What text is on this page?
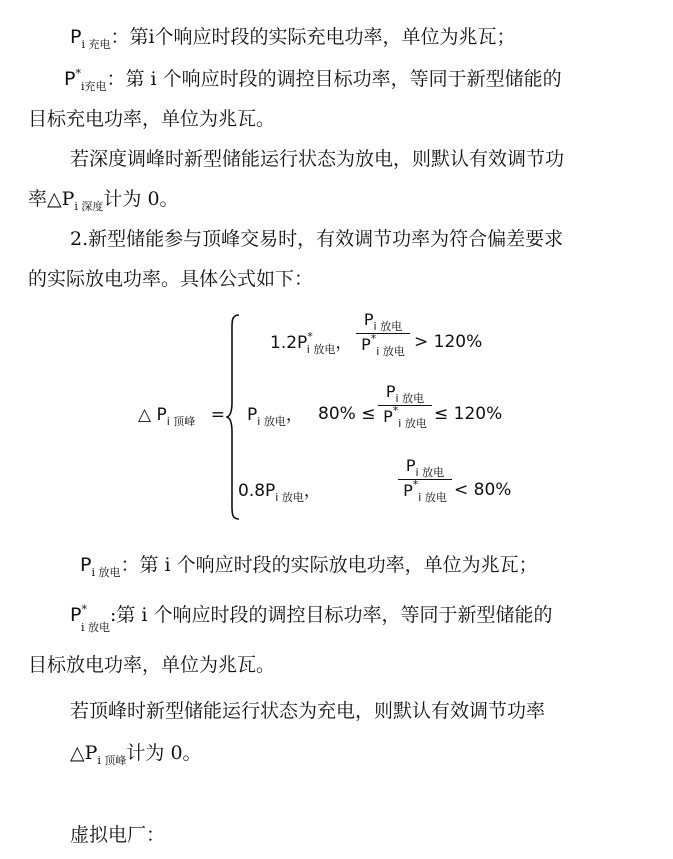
$P_{i 充电}$：第i个响应时段的实际充电功率，单位为兆瓦；
$P^*_{i充电}$：第 i 个响应时段的调控目标功率，等同于新型储能的
目标充电功率，单位为兆瓦。
若深度调峰时新型储能运行状态为放电，则默认有效调节功
率$\triangle P_{i 深度}$计为 0。
2.新型储能参与顶峰交易时，有效调节功率为符合偏差要求
的实际放电功率。具体公式如下：
△ $P_{i 顶峰}$ =
$1.2P^*_{i 放电}$，
$P_{i 放电}$
$P^*_{i 放电} > 120\%$
$P_{i 放电}$， 80% ≤
$P_{i 放电}$
$P^*_{i 放电} \le 120\%$
$0.8P_{i 放电}$，
$P_{i 放电}$
$P^*_{i 放电} < 80\%$
$P_{i 放电}$：第 i 个响应时段的实际放电功率，单位为兆瓦；
$P^*_{i 放电}$:第 i 个响应时段的调控目标功率，等同于新型储能的
目标放电功率，单位为兆瓦。
若顶峰时新型储能运行状态为充电，则默认有效调节功率
$\triangle P_{i 顶峰}$计为 0。
虚拟电厂：
